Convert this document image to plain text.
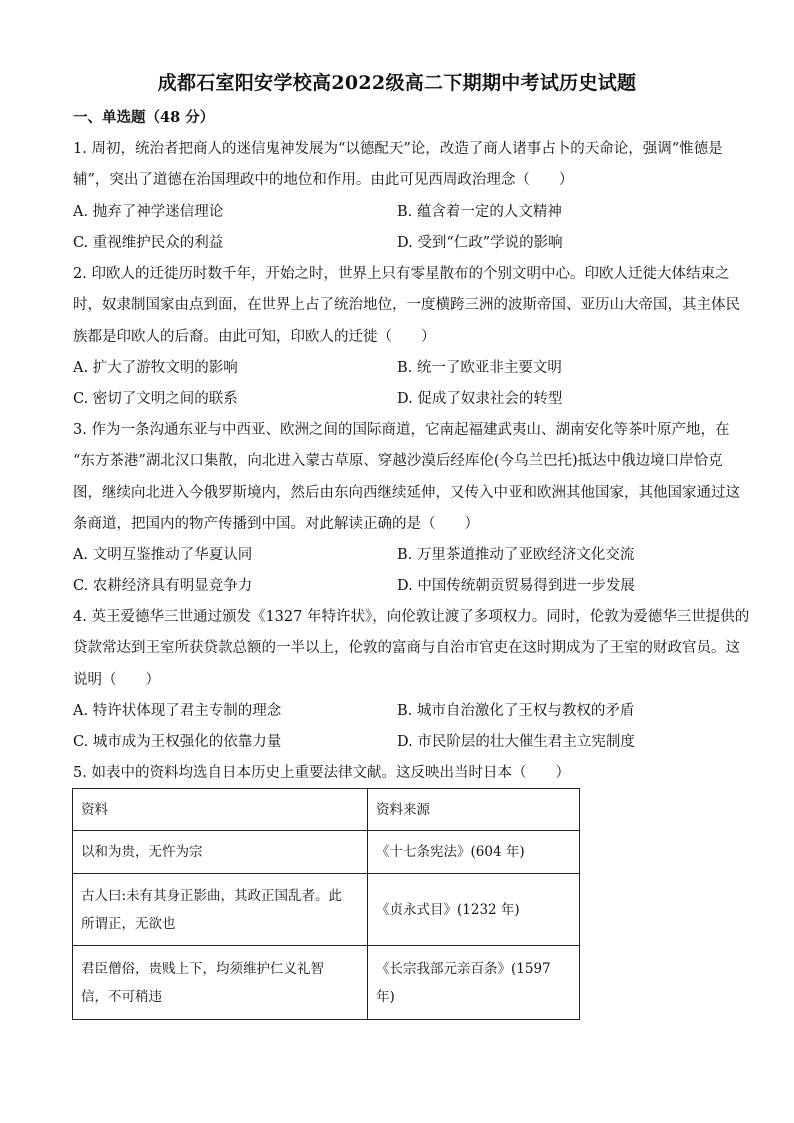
成都石室阳安学校高2022级高二下期期中考试历史试题
一、单选题（48 分）
1. 周初，统治者把商人的迷信鬼神发展为“以德配天”论，改造了商人诸事占卜的天命论，强调“惟德是
辅”，突出了道德在治国理政中的地位和作用。由此可见西周政治理念（　　）
A. 抛弃了神学迷信理论	B. 蕴含着一定的人文精神
C. 重视维护民众的利益	D. 受到“仁政”学说的影响
2. 印欧人的迁徙历时数千年，开始之时，世界上只有零星散布的个别文明中心。印欧人迁徙大体结束之
时，奴隶制国家由点到面，在世界上占了统治地位，一度横跨三洲的波斯帝国、亚历山大帝国，其主体民
族都是印欧人的后裔。由此可知，印欧人的迁徙（　　）
A. 扩大了游牧文明的影响	B. 统一了欧亚非主要文明
C. 密切了文明之间的联系	D. 促成了奴隶社会的转型
3. 作为一条沟通东亚与中西亚、欧洲之间的国际商道，它南起福建武夷山、湖南安化等茶叶原产地，在
“东方茶港”湖北汉口集散，向北进入蒙古草原、穿越沙漠后经库伦(今乌兰巴托)抵达中俄边境口岸恰克
图，继续向北进入今俄罗斯境内，然后由东向西继续延伸，又传入中亚和欧洲其他国家，其他国家通过这
条商道，把国内的物产传播到中国。对此解读正确的是（　　）
A. 文明互鉴推动了华夏认同	B. 万里茶道推动了亚欧经济文化交流
C. 农耕经济具有明显竞争力	D. 中国传统朝贡贸易得到进一步发展
4. 英王爱德华三世通过颁发《1327 年特许状》，向伦敦让渡了多项权力。同时，伦敦为爱德华三世提供的
贷款常达到王室所获贷款总额的一半以上，伦敦的富商与自治市官吏在这时期成为了王室的财政官员。这
说明（　　）
A. 特许状体现了君主专制的理念	B. 城市自治激化了王权与教权的矛盾
C. 城市成为王权强化的依靠力量	D. 市民阶层的壮大催生君主立宪制度
5. 如表中的资料均选自日本历史上重要法律文献。这反映出当时日本（　　）
资料	资料来源

以和为贵，无忤为宗	《十七条宪法》(604 年)

古人曰:未有其身正影曲，其政正国乱者。此
所谓正，无欲也	《贞永式目》(1232 年)

君臣僧俗，贵贱上下，均须维护仁义礼智
信，不可稍违	《长宗我部元亲百条》(1597
年)
